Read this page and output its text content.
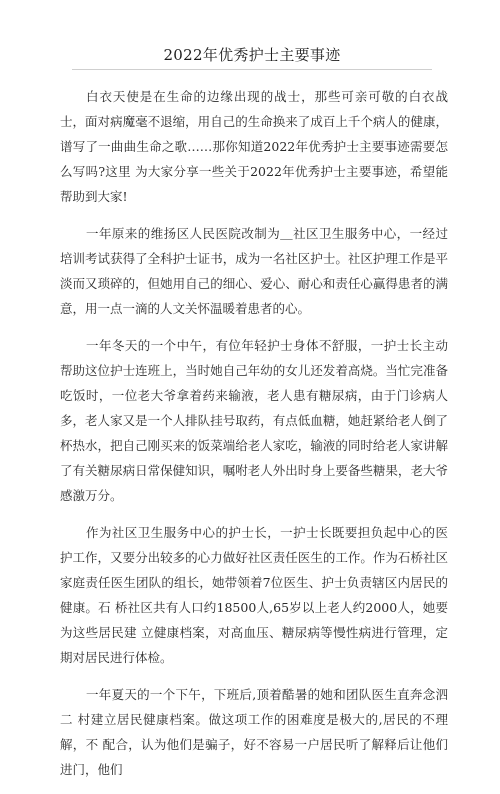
2022年优秀护士主要事迹

白衣天使是在生命的边缘出现的战士，那些可亲可敬的白衣战士，面对病魔毫不退缩，用自己的生命换来了成百上千个病人的健康，谱写了一曲曲生命之歌……那你知道2022年优秀护士主要事迹需要怎么写吗?这里 为大家分享一些关于2022年优秀护士主要事迹，希望能帮助到大家!

一年原来的维扬区人民医院改制为＿社区卫生服务中心，一经过培训考试获得了全科护士证书，成为一名社区护士。社区护理工作是平淡而又琐碎的，但她用自己的细心、爱心、耐心和责任心赢得患者的满意，用一点一滴的人文关怀温暖着患者的心。

一年冬天的一个中午，有位年轻护士身体不舒服，一护士长主动帮助这位护士连班上，当时她自己年幼的女儿还发着高烧。当忙完准备吃饭时，一位老大爷拿着药来输液，老人患有糖尿病，由于门诊病人多，老人家又是一个人排队挂号取药，有点低血糖，她赶紧给老人倒了杯热水，把自己刚买来的饭菜端给老人家吃，输液的同时给老人家讲解了有关糖尿病日常保健知识，嘱咐老人外出时身上要备些糖果，老大爷感激万分。

作为社区卫生服务中心的护士长，一护士长既要担负起中心的医护工作，又要分出较多的心力做好社区责任医生的工作。作为石桥社区家庭责任医生团队的组长，她带领着7位医生、护士负责辖区内居民的健康。石 桥社区共有人口约18500人,65岁以上老人约2000人，她要为这些居民建 立健康档案，对高血压、糖尿病等慢性病进行管理，定期对居民进行体检。

一年夏天的一个下午，下班后,顶着酷暑的她和团队医生直奔念泗二 村建立居民健康档案。做这项工作的困难度是极大的,居民的不理解，不 配合，认为他们是骗子，好不容易一户居民听了解释后让他们进门，他们
